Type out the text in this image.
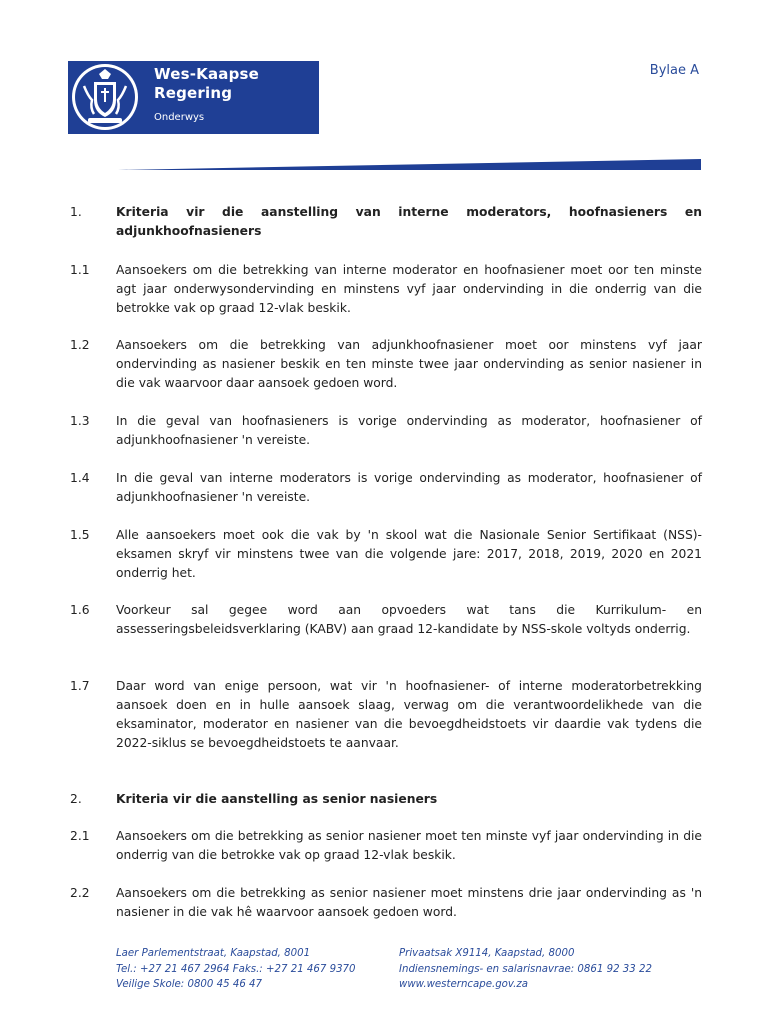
Wes-Kaapse
Regering
Onderwys
Bylae A
1.	Kriteria vir die aanstelling van interne moderators, hoofnasieners en adjunkhoofnasieners
1.1 Aansoekers om die betrekking van interne moderator en hoofnasiener moet oor ten minste agt jaar onderwysondervinding en minstens vyf jaar ondervinding in die onderrig van die betrokke vak op graad 12-vlak beskik.
1.2 Aansoekers om die betrekking van adjunkhoofnasiener moet oor minstens vyf jaar ondervinding as nasiener beskik en ten minste twee jaar ondervinding as senior nasiener in die vak waarvoor daar aansoek gedoen word.
1.3 In die geval van hoofnasieners is vorige ondervinding as moderator, hoofnasiener of adjunkhoofnasiener 'n vereiste.
1.4 In die geval van interne moderators is vorige ondervinding as moderator, hoofnasiener of adjunkhoofnasiener 'n vereiste.
1.5 Alle aansoekers moet ook die vak by 'n skool wat die Nasionale Senior Sertifikaat (NSS)-eksamen skryf vir minstens twee van die volgende jare: 2017, 2018, 2019, 2020 en 2021 onderrig het.
1.6 Voorkeur sal gegee word aan opvoeders wat tans die Kurrikulum- en assesseringsbeleidsverklaring (KABV) aan graad 12-kandidate by NSS-skole voltyds onderrig.
1.7 Daar word van enige persoon, wat vir 'n hoofnasiener- of interne moderatorbetrekking aansoek doen en in hulle aansoek slaag, verwag om die verantwoordelikhede van die eksaminator, moderator en nasiener van die bevoegdheidstoets vir daardie vak tydens die 2022-siklus se bevoegdheidstoets te aanvaar.
2.	Kriteria vir die aanstelling as senior nasieners
2.1 Aansoekers om die betrekking as senior nasiener moet ten minste vyf jaar ondervinding in die onderrig van die betrokke vak op graad 12-vlak beskik.
2.2 Aansoekers om die betrekking as senior nasiener moet minstens drie jaar ondervinding as 'n nasiener in die vak hê waarvoor aansoek gedoen word.
Laer Parlementstraat, Kaapstad, 8001
Tel.: +27 21 467 2964 Faks.: +27 21 467 9370
Veilige Skole: 0800 45 46 47
Privaatsak X9114, Kaapstad, 8000
Indiensnemings- en salarisnavrae: 0861 92 33 22
www.westerncape.gov.za
